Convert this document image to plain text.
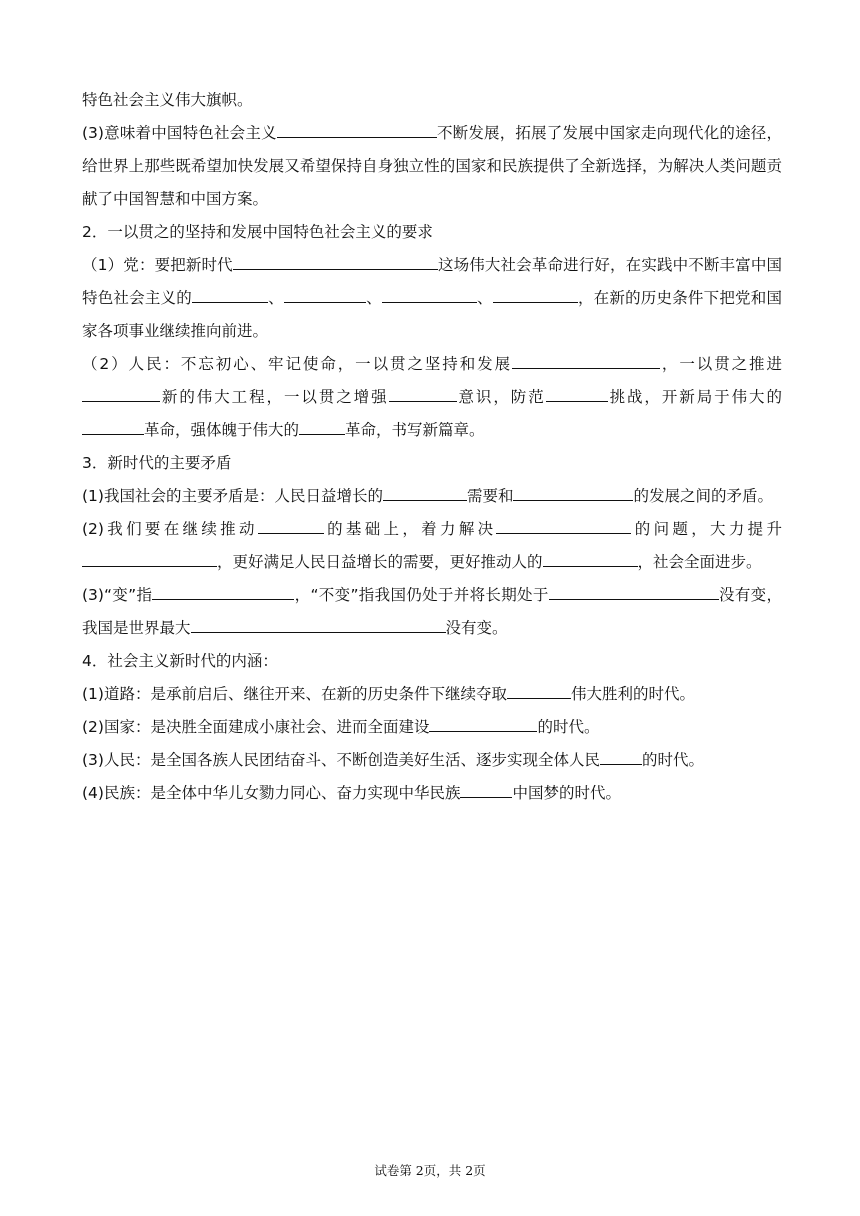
特色社会主义伟大旗帜。

(3)意味着中国特色社会主义	不断发展，拓展了发展中国家走向现代化的途径，给世界上那些既希望加快发展又希望保持自身独立性的国家和民族提供了全新选择，为解决人类问题贡献了中国智慧和中国方案。

2．一以贯之的坚持和发展中国特色社会主义的要求

（1）党：要把新时代	这场伟大社会革命进行好，在实践中不断丰富中国特色社会主义的	、	、	、	，在新的历史条件下把党和国家各项事业继续推向前进。

（2）人民：不忘初心、牢记使命，一以贯之坚持和发展	，一以贯之推进新的伟大工程，一以贯之增强	意识，防范	挑战，开新局于伟大的革命，强体魄于伟大的	革命，书写新篇章。

3．新时代的主要矛盾

(1)我国社会的主要矛盾是：人民日益增长的	需要和	的发展之间的矛盾。

(2)我们要在继续推动	的基础上，着力解决	的问题，大力提升，更好满足人民日益增长的需要，更好推动人的	，社会全面进步。

(3)“变”指	，“不变”指我国仍处于并将长期处于	没有变，我国是世界最大	没有变。

4．社会主义新时代的内涵：

(1)道路：是承前启后、继往开来、在新的历史条件下继续夺取	伟大胜利的时代。

(2)国家：是决胜全面建成小康社会、进而全面建设	的时代。

(3)人民：是全国各族人民团结奋斗、不断创造美好生活、逐步实现全体人民	的时代。

(4)民族：是全体中华儿女勠力同心、奋力实现中华民族	中国梦的时代。

试卷第 2页，共 2页
